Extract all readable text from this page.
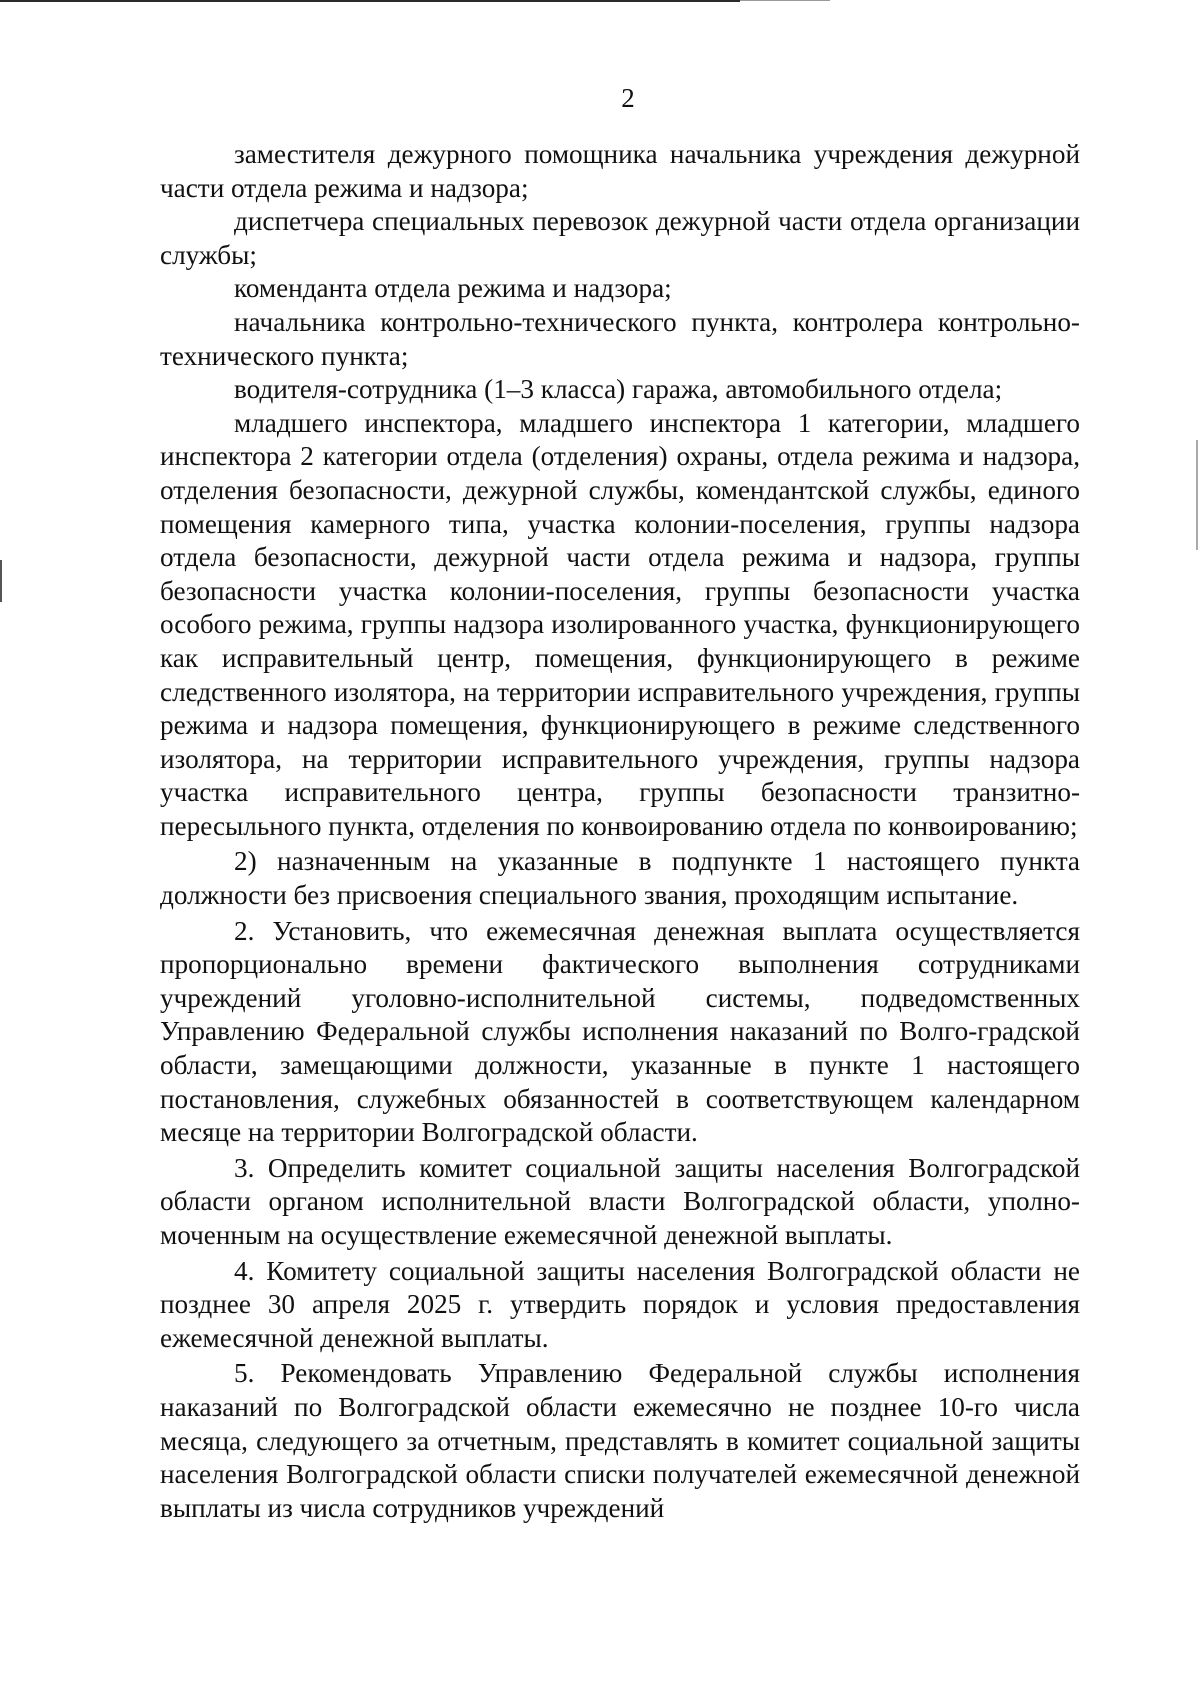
2

заместителя дежурного помощника начальника учреждения дежурной части отдела режима и надзора;

диспетчера специальных перевозок дежурной части отдела организации службы;

коменданта отдела режима и надзора;

начальника контрольно-технического пункта, контролера контрольно-технического пункта;

водителя-сотрудника (1–3 класса) гаража, автомобильного отдела;

младшего инспектора, младшего инспектора 1 категории, младшего инспектора 2 категории отдела (отделения) охраны, отдела режима и надзора, отделения безопасности, дежурной службы, комендантской службы, единого помещения камерного типа, участка колонии-поселения, группы надзора отдела безопасности, дежурной части отдела режима и надзора, группы безопасности участка колонии-поселения, группы безопасности участка особого режима, группы надзора изолированного участка, функционирующего как исправительный центр, помещения, функционирующего в режиме следственного изолятора, на территории исправительного учреждения, группы режима и надзора помещения, функционирующего в режиме следственного изолятора, на территории исправительного учреждения, группы надзора участка исправительного центра, группы безопасности транзитно-пересыльного пункта, отделения по конвоированию отдела по конвоированию;

2) назначенным на указанные в подпункте 1 настоящего пункта должности без присвоения специального звания, проходящим испытание.

2. Установить, что ежемесячная денежная выплата осуществляется пропорционально времени фактического выполнения сотрудниками учреждений уголовно-исполнительной системы, подведомственных Управлению Федеральной службы исполнения наказаний по Волго-градской области, замещающими должности, указанные в пункте 1 настоящего постановления, служебных обязанностей в соответствующем календарном месяце на территории Волгоградской области.

3. Определить комитет социальной защиты населения Волгоградской области органом исполнительной власти Волгоградской области, уполно-моченным на осуществление ежемесячной денежной выплаты.

4. Комитету социальной защиты населения Волгоградской области не позднее 30 апреля 2025 г. утвердить порядок и условия предоставления ежемесячной денежной выплаты.

5. Рекомендовать Управлению Федеральной службы исполнения наказаний по Волгоградской области ежемесячно не позднее 10-го числа месяца, следующего за отчетным, представлять в комитет социальной защиты населения Волгоградской области списки получателей ежемесячной денежной выплаты из числа сотрудников учреждений
